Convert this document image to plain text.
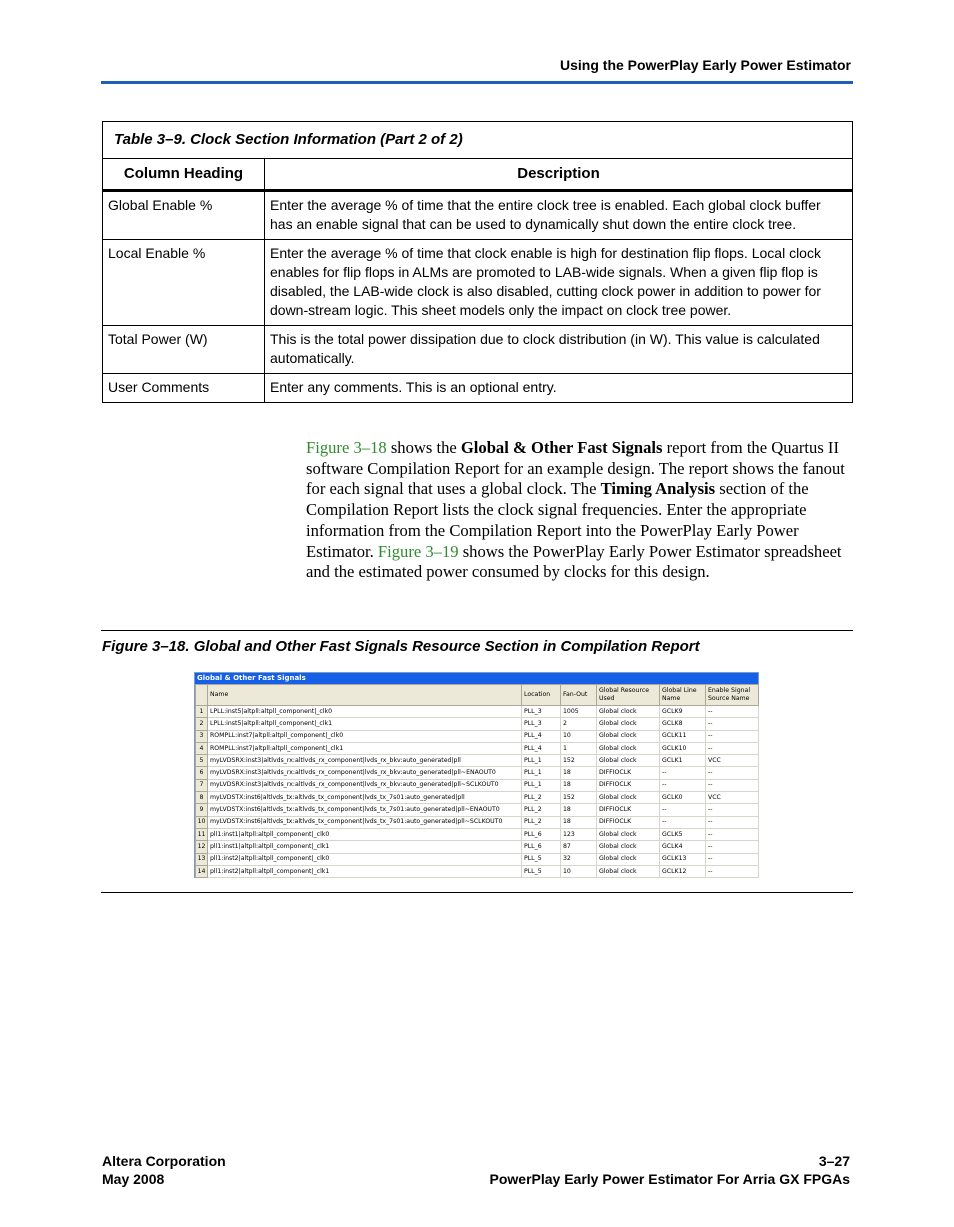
Using the PowerPlay Early Power Estimator
Table 3–9. Clock Section Information (Part 2 of 2)	
Column Heading	Description
Global Enable %	Enter the average % of time that the entire clock tree is enabled. Each global clock buffer has an enable signal that can be used to dynamically shut down the entire clock tree.
Local Enable %	Enter the average % of time that clock enable is high for destination flip flops. Local clock enables for flip flops in ALMs are promoted to LAB-wide signals. When a given flip flop is disabled, the LAB-wide clock is also disabled, cutting clock power in addition to power for down-stream logic. This sheet models only the impact on clock tree power.
Total Power (W)	This is the total power dissipation due to clock distribution (in W). This value is calculated automatically.
User Comments	Enter any comments. This is an optional entry.
Figure 3–18 shows the Global & Other Fast Signals report from the Quartus II software Compilation Report for an example design. The report shows the fanout for each signal that uses a global clock. The Timing Analysis section of the Compilation Report lists the clock signal frequencies. Enter the appropriate information from the Compilation Report into the PowerPlay Early Power Estimator. Figure 3–19 shows the PowerPlay Early Power Estimator spreadsheet and the estimated power consumed by clocks for this design.
Figure 3–18. Global and Other Fast Signals Resource Section in Compilation Report
Global & Other Fast Signals
	Name	Location	Fan-Out	Global Resource Used	Global Line Name	Enable Signal Source Name
1	LPLL:inst5|altpll:altpll_component|_clk0	PLL_3	1005	Global clock	GCLK9	--
2	LPLL:inst5|altpll:altpll_component|_clk1	PLL_3	2	Global clock	GCLK8	--
3	ROMPLL:inst7|altpll:altpll_component|_clk0	PLL_4	10	Global clock	GCLK11	--
4	ROMPLL:inst7|altpll:altpll_component|_clk1	PLL_4	1	Global clock	GCLK10	--
5	myLVDSRX:inst3|altlvds_rx:altlvds_rx_component|lvds_rx_bkv:auto_generated|pll	PLL_1	152	Global clock	GCLK1	VCC
6	myLVDSRX:inst3|altlvds_rx:altlvds_rx_component|lvds_rx_bkv:auto_generated|pll~ENAOUT0	PLL_1	18	DIFFIOCLK	--	--
7	myLVDSRX:inst3|altlvds_rx:altlvds_rx_component|lvds_rx_bkv:auto_generated|pll~SCLKOUT0	PLL_1	18	DIFFIOCLK	--	--
8	myLVDSTX:inst6|altlvds_tx:altlvds_tx_component|lvds_tx_7s01:auto_generated|pll	PLL_2	152	Global clock	GCLK0	VCC
9	myLVDSTX:inst6|altlvds_tx:altlvds_tx_component|lvds_tx_7s01:auto_generated|pll~ENAOUT0	PLL_2	18	DIFFIOCLK	--	--
10	myLVDSTX:inst6|altlvds_tx:altlvds_tx_component|lvds_tx_7s01:auto_generated|pll~SCLKOUT0	PLL_2	18	DIFFIOCLK	--	--
11	pll1:inst1|altpll:altpll_component|_clk0	PLL_6	123	Global clock	GCLK5	--
12	pll1:inst1|altpll:altpll_component|_clk1	PLL_6	87	Global clock	GCLK4	--
13	pll1:inst2|altpll:altpll_component|_clk0	PLL_5	32	Global clock	GCLK13	--
14	pll1:inst2|altpll:altpll_component|_clk1	PLL_5	10	Global clock	GCLK12	--
Altera Corporation
May 2008
3–27
PowerPlay Early Power Estimator For Arria GX FPGAs
